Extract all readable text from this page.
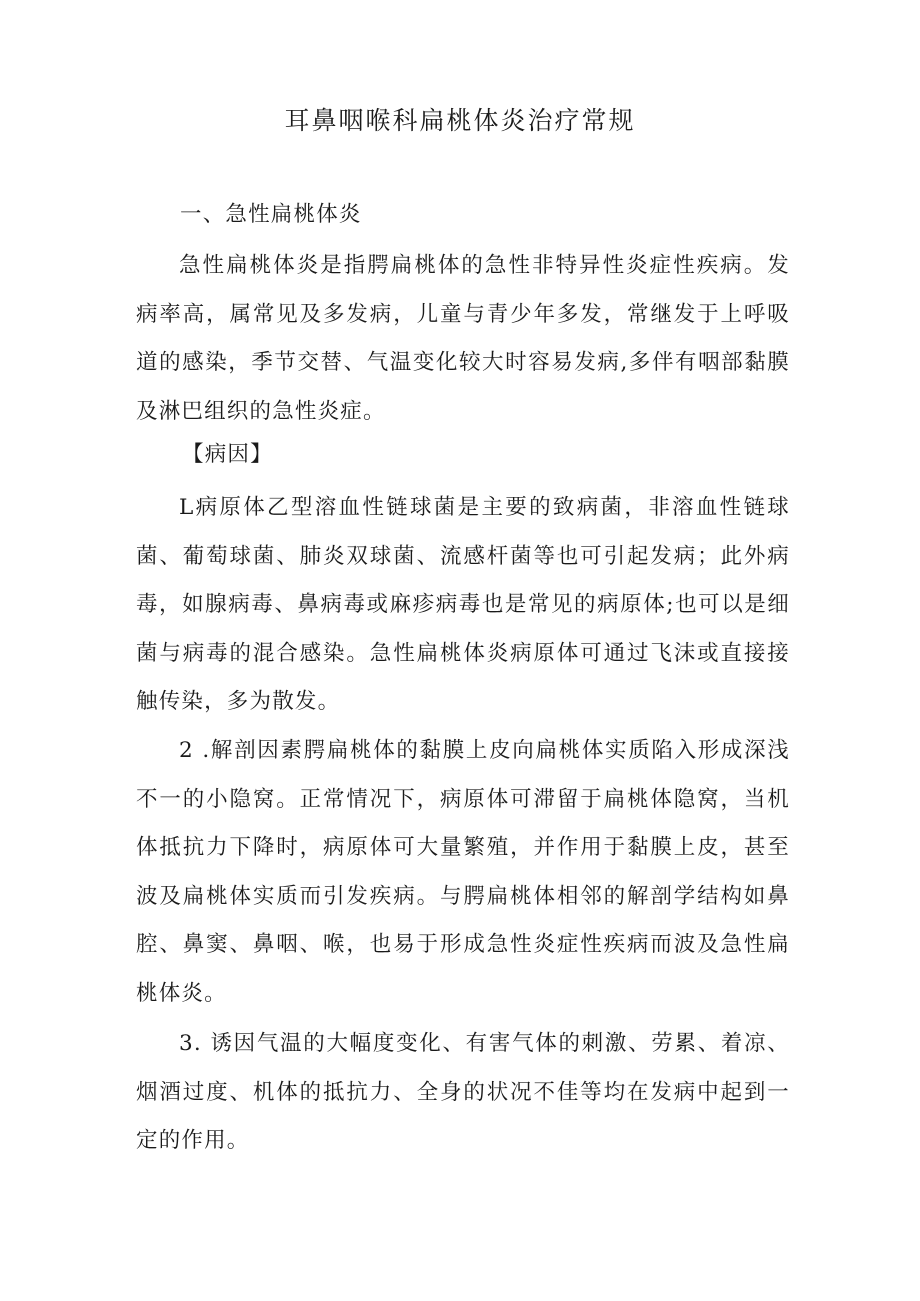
耳鼻咽喉科扁桃体炎治疗常规
一、急性扁桃体炎
急性扁桃体炎是指腭扁桃体的急性非特异性炎症性疾病。发病率高，属常见及多发病，儿童与青少年多发，常继发于上呼吸道的感染，季节交替、气温变化较大时容易发病,多伴有咽部黏膜及淋巴组织的急性炎症。
【病因】
L病原体乙型溶血性链球菌是主要的致病菌，非溶血性链球菌、葡萄球菌、肺炎双球菌、流感杆菌等也可引起发病；此外病毒，如腺病毒、鼻病毒或麻疹病毒也是常见的病原体;也可以是细菌与病毒的混合感染。急性扁桃体炎病原体可通过飞沫或直接接触传染，多为散发。
2 .解剖因素腭扁桃体的黏膜上皮向扁桃体实质陷入形成深浅不一的小隐窝。正常情况下，病原体可滞留于扁桃体隐窝，当机体抵抗力下降时，病原体可大量繁殖，并作用于黏膜上皮，甚至波及扁桃体实质而引发疾病。与腭扁桃体相邻的解剖学结构如鼻腔、鼻窦、鼻咽、喉，也易于形成急性炎症性疾病而波及急性扁桃体炎。
3. 诱因气温的大幅度变化、有害气体的刺激、劳累、着凉、烟酒过度、机体的抵抗力、全身的状况不佳等均在发病中起到一定的作用。
